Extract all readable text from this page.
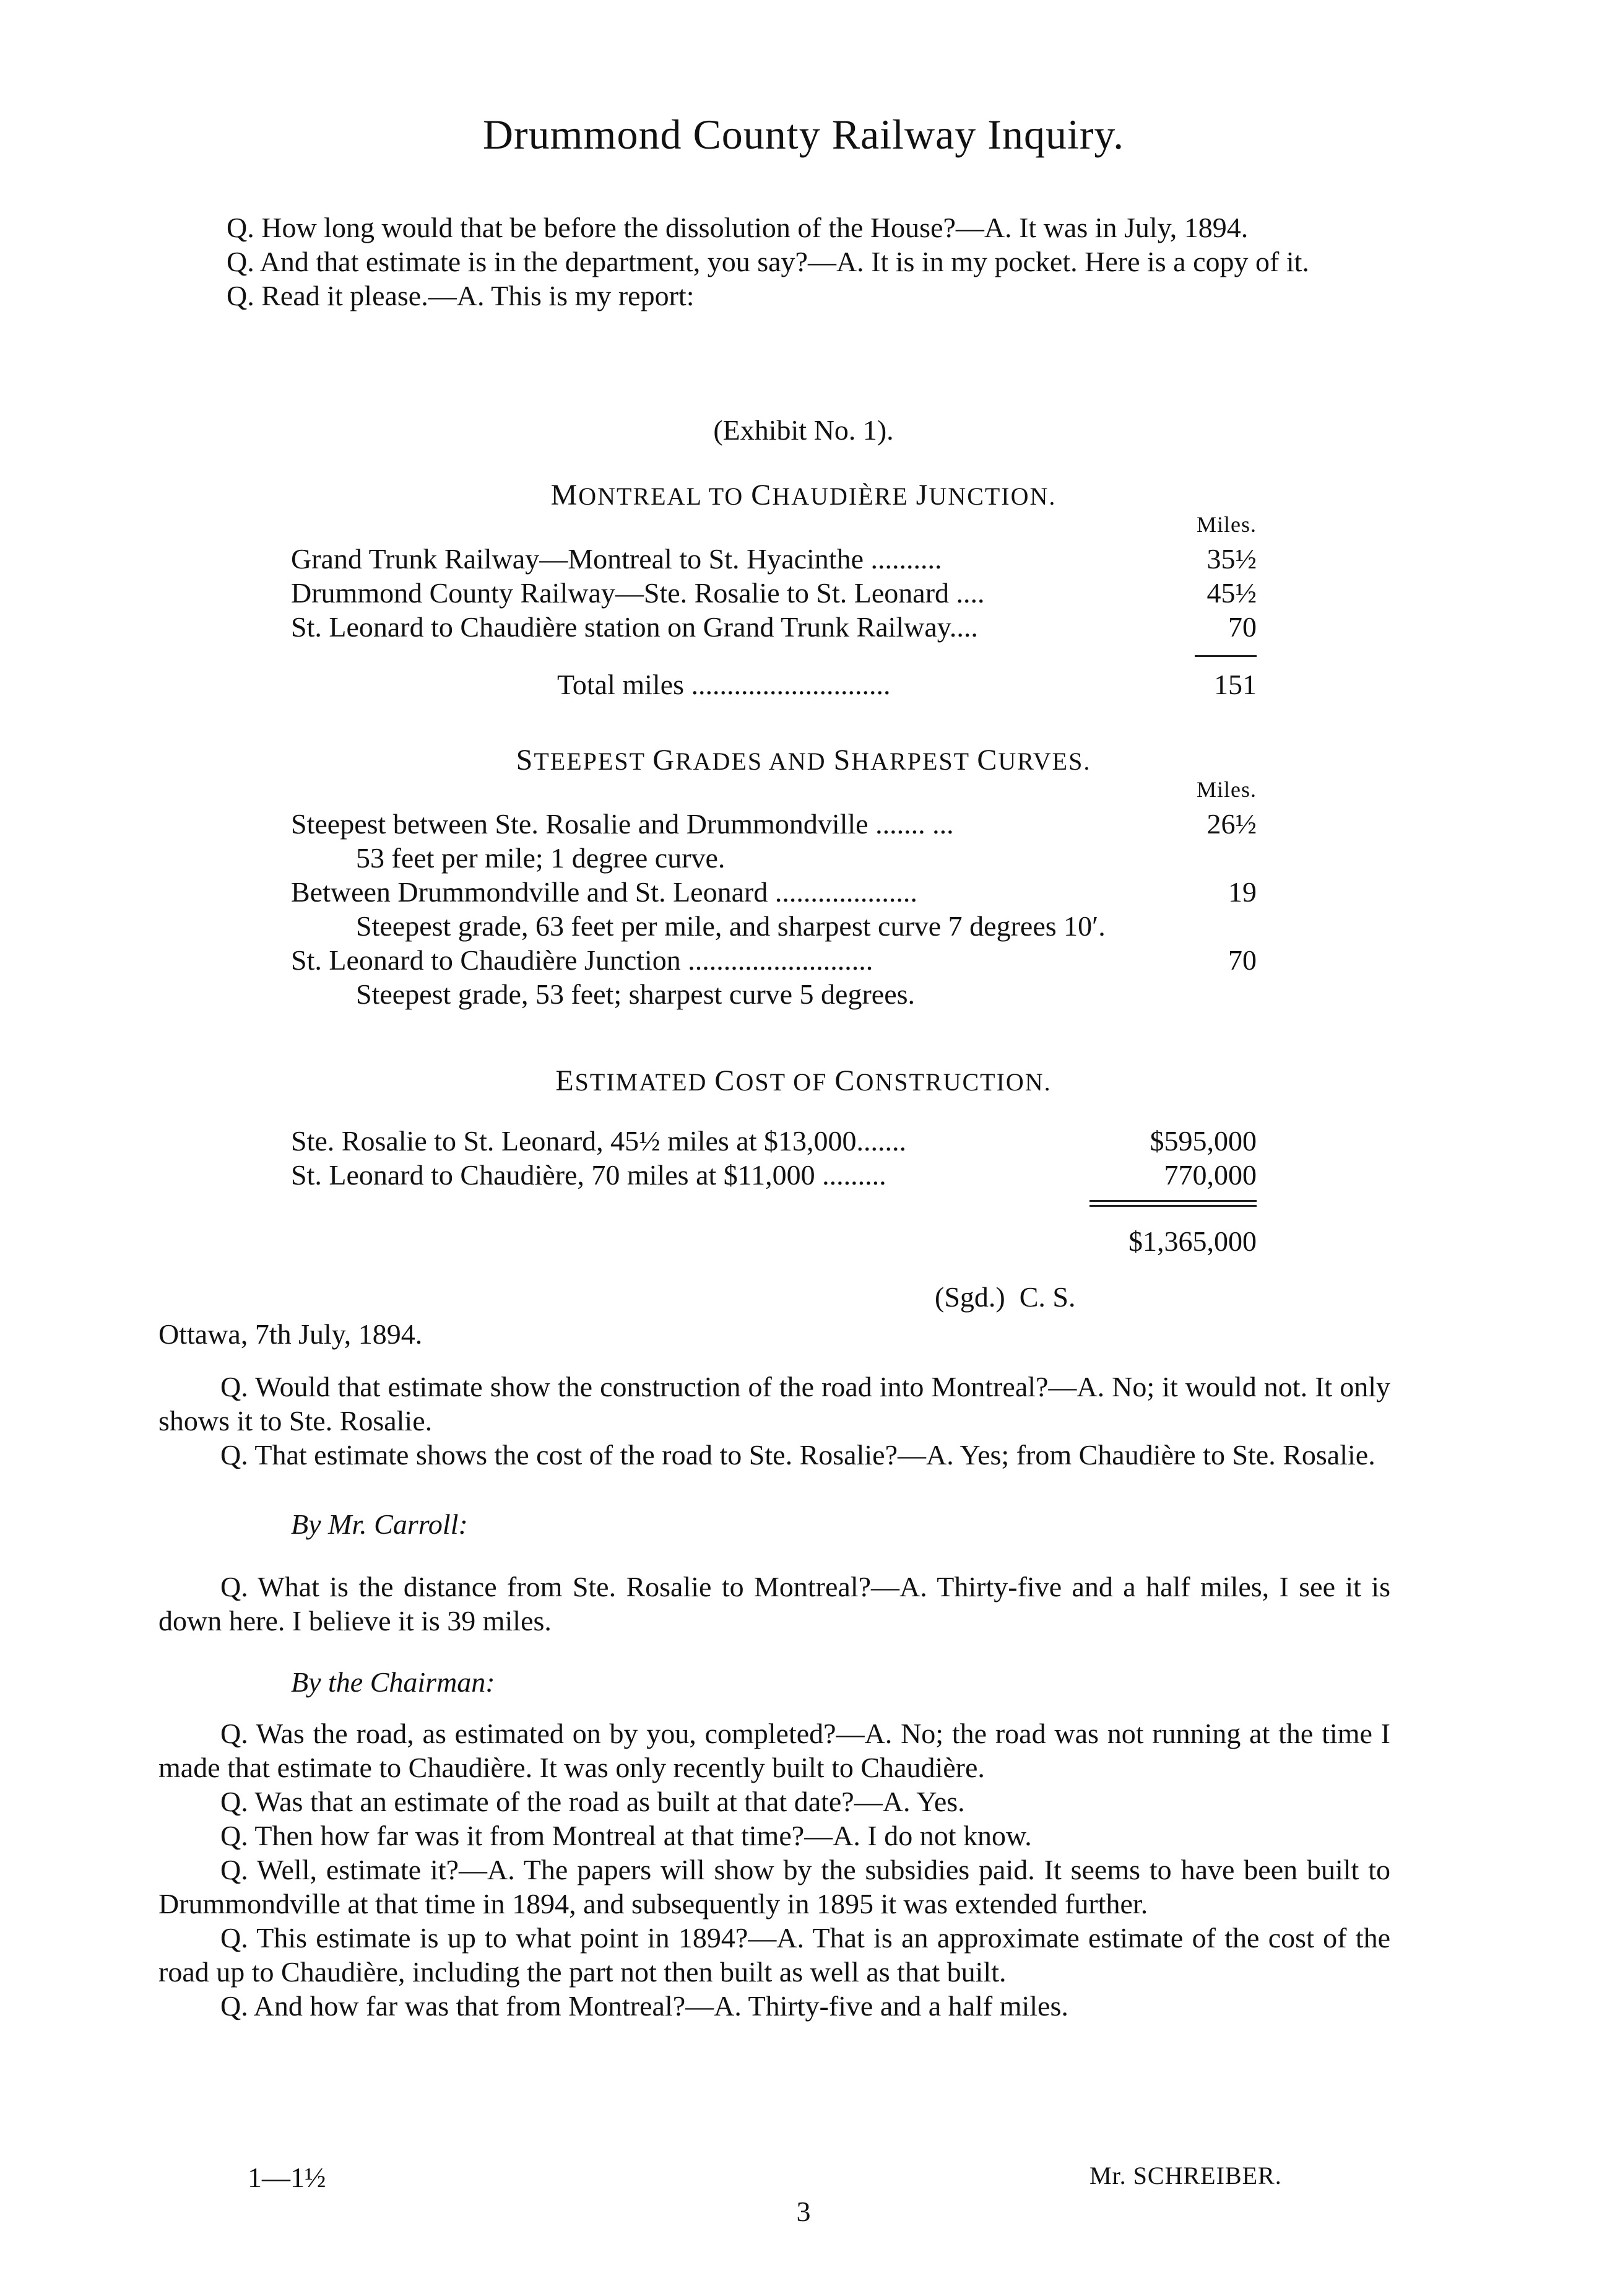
Drummond County Railway Inquiry.

Q. How long would that be before the dissolution of the House?—A. It was in July, 1894.

Q. And that estimate is in the department, you say?—A. It is in my pocket. Here is a copy of it.

Q. Read it please.—A. This is my report:

(Exhibit No. 1).
MONTREAL TO CHAUDIÈRE JUNCTION.
Miles.
Grand Trunk Railway—Montreal to St. Hyacinthe ..........	35½
Drummond County Railway—Ste. Rosalie to St. Leonard ....	45½
St. Leonard to Chaudière station on Grand Trunk Railway....	70
Total miles ............................	151
STEEPEST GRADES AND SHARPEST CURVES.
Miles.
Steepest between Ste. Rosalie and Drummondville ....... ...	26½
53 feet per mile; 1 degree curve.
Between Drummondville and St. Leonard ....................	19
Steepest grade, 63 feet per mile, and sharpest curve 7 degrees 10′.
St. Leonard to Chaudière Junction ..........................	70
Steepest grade, 53 feet; sharpest curve 5 degrees.
ESTIMATED COST OF CONSTRUCTION.
Ste. Rosalie to St. Leonard, 45½ miles at $13,000.......	$595,000
St. Leonard to Chaudière, 70 miles at $11,000 .........	770,000
$1,365,000
(Sgd.)  C. S.
Ottawa, 7th July, 1894.

Q. Would that estimate show the construction of the road into Montreal?—A. No; it would not. It only shows it to Ste. Rosalie.

Q. That estimate shows the cost of the road to Ste. Rosalie?—A. Yes; from Chaudière to Ste. Rosalie.

By Mr. Carroll:

Q. What is the distance from Ste. Rosalie to Montreal?—A. Thirty-five and a half miles, I see it is down here. I believe it is 39 miles.

By the Chairman:

Q. Was the road, as estimated on by you, completed?—A. No; the road was not running at the time I made that estimate to Chaudière. It was only recently built to Chaudière.

Q. Was that an estimate of the road as built at that date?—A. Yes.

Q. Then how far was it from Montreal at that time?—A. I do not know.

Q. Well, estimate it?—A. The papers will show by the subsidies paid. It seems to have been built to Drummondville at that time in 1894, and subsequently in 1895 it was extended further.

Q. This estimate is up to what point in 1894?—A. That is an approximate estimate of the cost of the road up to Chaudière, including the part not then built as well as that built.

Q. And how far was that from Montreal?—A. Thirty-five and a half miles.

1—1½	Mr. SCHREIBER.
3
